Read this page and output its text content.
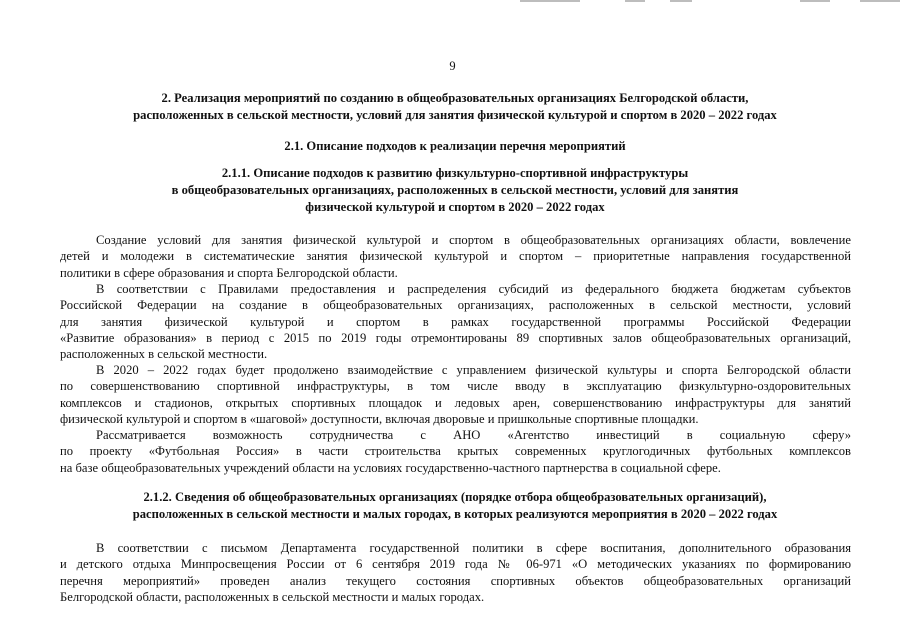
9
2. Реализация мероприятий по созданию в общеобразовательных организациях Белгородской области,
расположенных в сельской местности, условий для занятия физической культурой и спортом в 2020 – 2022 годах
2.1. Описание подходов к реализации перечня мероприятий
2.1.1. Описание подходов к развитию физкультурно-спортивной инфраструктуры
в общеобразовательных организациях, расположенных в сельской местности, условий для занятия
физической культурой и спортом в 2020 – 2022 годах

Создание условий для занятия физической культурой и спортом в общеобразовательных организациях области, вовлечение
детей и молодежи в систематические занятия физической культурой и спортом – приоритетные направления государственной
политики в сфере образования и спорта Белгородской области.

В соответствии с Правилами предоставления и распределения субсидий из федерального бюджета бюджетам субъектов
Российской Федерации на создание в общеобразовательных организациях, расположенных в сельской местности, условий
для занятия физической культурой и спортом в рамках государственной программы Российской Федерации
«Развитие образования» в период с 2015 по 2019 годы отремонтированы 89 спортивных залов общеобразовательных организаций,
расположенных в сельской местности.

В 2020 – 2022 годах будет продолжено взаимодействие с управлением физической культуры и спорта Белгородской области
по совершенствованию спортивной инфраструктуры, в том числе вводу в эксплуатацию физкультурно-оздоровительных
комплексов и стадионов, открытых спортивных площадок и ледовых арен, совершенствованию инфраструктуры для занятий
физической культурой и спортом в «шаговой» доступности, включая дворовые и пришкольные спортивные площадки.

Рассматривается возможность сотрудничества с АНО «Агентство инвестиций в социальную сферу»
по проекту «Футбольная Россия» в части строительства крытых современных круглогодичных футбольных комплексов
на базе общеобразовательных учреждений области на условиях государственно-частного партнерства в социальной сфере.

2.1.2. Сведения об общеобразовательных организациях (порядке отбора общеобразовательных организаций),
расположенных в сельской местности и малых городах, в которых реализуются мероприятия в 2020 – 2022 годах

В соответствии с письмом Департамента государственной политики в сфере воспитания, дополнительного образования
и детского отдыха Минпросвещения России от 6 сентября 2019 года № 06-971 «О методических указаниях по формированию
перечня мероприятий» проведен анализ текущего состояния спортивных объектов общеобразовательных организаций
Белгородской области, расположенных в сельской местности и малых городах.
